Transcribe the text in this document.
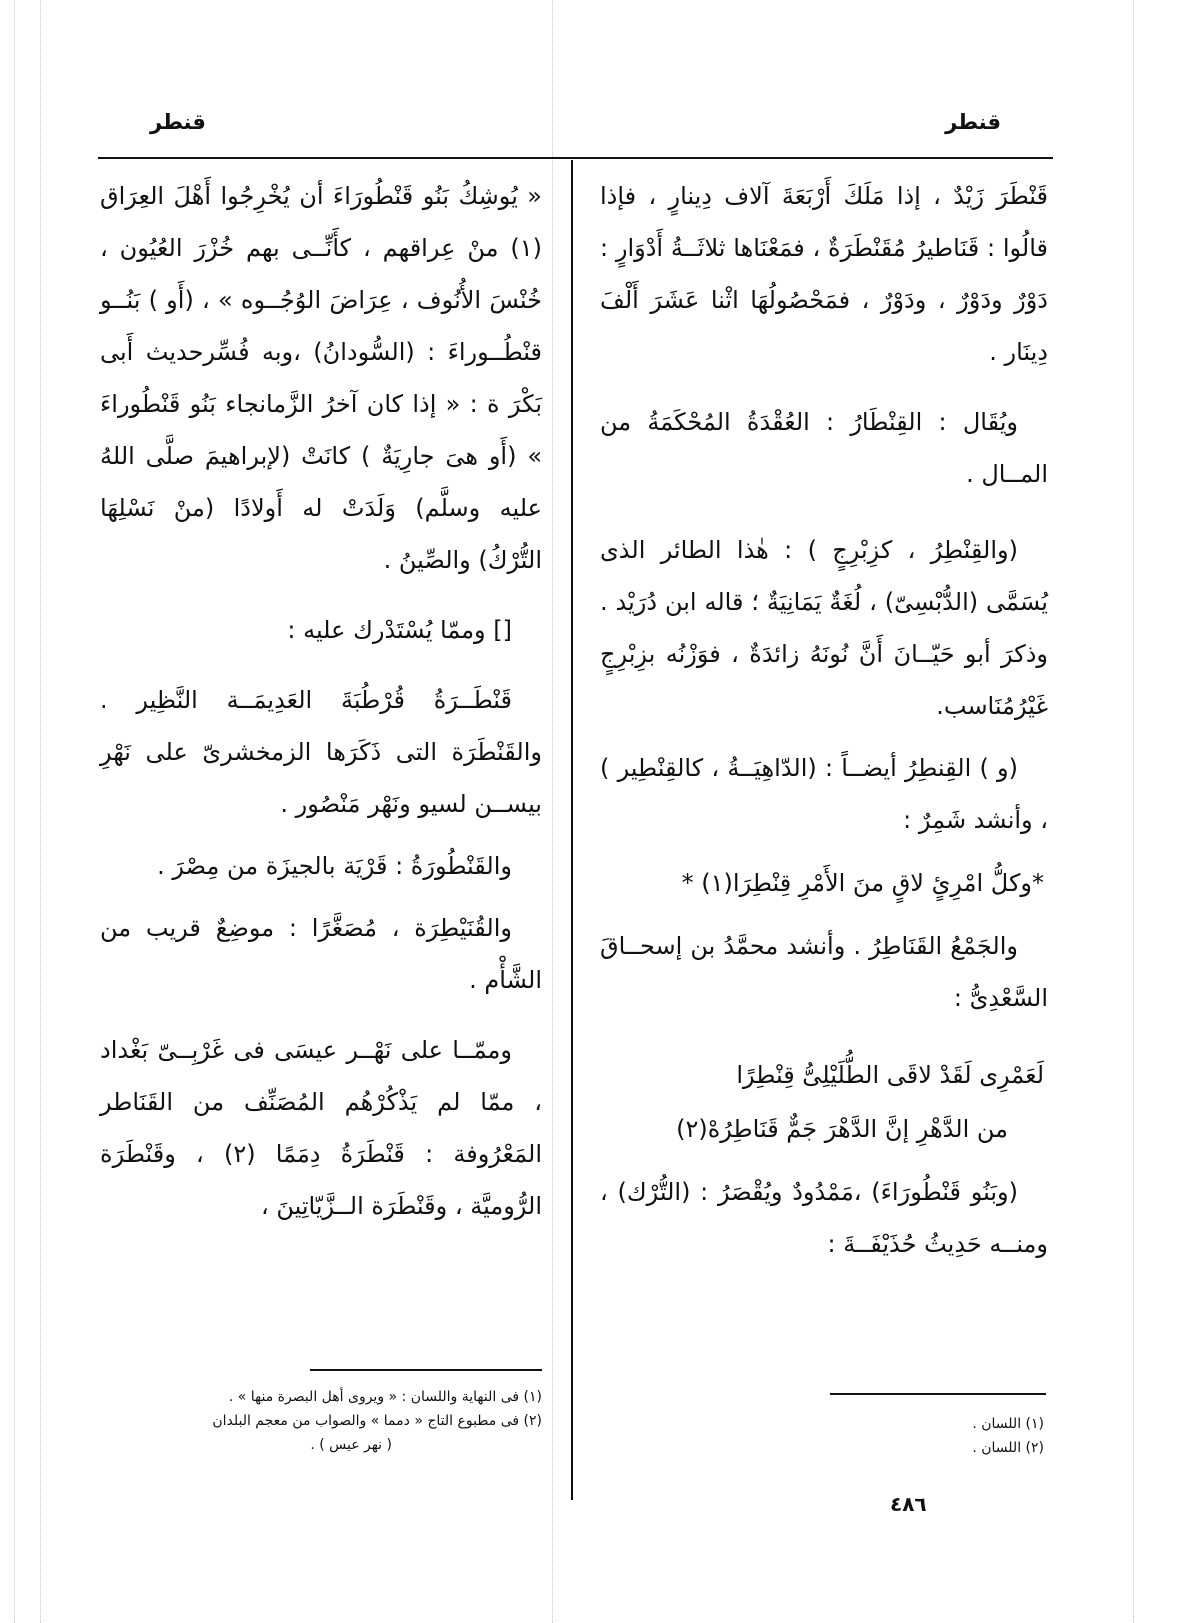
قنطر	قنطر

قَنْطَرَ زَيْدٌ ، إذا مَلَكَ أَرْبَعَةَ آلاف دِينارٍ ، فإذا قالُوا : قَنَاطيرُ مُقَنْطَرَةٌ ، فمَعْنَاها ثلاثَــةُ أَدْوَارٍ : دَوْرٌ ودَوْرٌ ، ودَوْرٌ ، فمَحْصُولُهَا اثْنا عَشَرَ أَلْفَ دِينَار .

ويُقَال : القِنْطَارُ : العُقْدَةُ المُحْكَمَةُ من المــال .

(والقِنْطِرُ ، كزِبْرِجٍ ) : هٰذا الطائر الذى يُسَمَّى (الدُّبْسِىّ) ، لُغَةٌ يَمَانِيَةٌ ؛ قاله ابن دُرَيْد . وذكرَ أبو حَيّــانَ أَنَّ نُونَهُ زائدَةٌ ، فوَزْنُه بزِبْرِجٍ غَيْرُمُنَاسب.

(و ) القِنطِرُ أيضــاً : (الدّاهِيَــةُ ، كالقِنْطِير ) ، وأنشد شَمِرٌ :

*وكلُّ امْرِئٍ لاقٍ منَ الأَمْرِ قِنْطِرَا(١) *

والجَمْعُ القَنَاطِرُ . وأنشد محمَّدُ بن إسحــاقَ السَّعْدِىُّ :

لَعَمْرِى لَقَدْ لاقَى الطُّلَيْلِىُّ قِنْطِرًا

من الدَّهْرِ إنَّ الدَّهْرَ جَمٌّ قَنَاطِرُهْ(٢)

(وبَنُو قَنْطُورَاءَ) ،مَمْدُودٌ ويُقْصَرُ : (التُّرْك) ، ومنــه حَدِيثُ حُذَيْفَــةَ :

« يُوشِكُ بَنُو قَنْطُورَاءَ أن يُخْرِجُوا أَهْلَ العِرَاق (١) منْ عِراقهم ، كأَنِّــى بهم خُزْرَ العُيُون ، خُنْسَ الأُنُوف ، عِرَاضَ الوُجُــوه » ، (أَو ) بَنُــو قنْطُــوراءَ : (السُّودانُ) ،وبه فُسِّرحديث أَبى بَكْرَ ة : « إذا كان آخرُ الزَّمانجاء بَنُو قَنْطُوراءَ » (أَو هىَ جارِيَةٌ ) كانَتْ (لإبراهيمَ صلَّى اللهُ عليه وسلَّم) وَلَدَتْ له أَولادًا (منْ نَسْلِهَا التُّرْكُ) والصِّينُ .

[] وممّا يُسْتَدْرك عليه :

قَنْطَــرَةُ قُرْطُبَةَ العَدِيمَــة النَّظِير . والقَنْطَرَة التى ذَكَرَها الزمخشرىّ على نَهْرِ بيســن لسيو ونَهْر مَنْصُور .

والقَنْطُورَةُ : قَرْيَة بالجيزَة من مِصْرَ .

والقُنَيْطِرَة ، مُصَغَّرًا : موضِعٌ قريب من الشَّأْم .

وممّــا على نَهْــر عيسَى فى غَرْبِــىّ بَغْداد ، ممّا لم يَذْكُرْهُم المُصَنِّف من القَنَاطر المَعْرُوفة : قَنْطَرَةُ دِمَمًا (٢) ، وقَنْطَرَة الرُّوميَّة ، وقَنْطَرَة الــزَّيّاتِينَ ،

(١) اللسان .

(٢) اللسان .

(١) فى النهاية واللسان : « ويروى أهل البصرة منها » .

(٢) فى مطبوع التاج « دمما » والصواب من معجم البلدان

( نهر عيس ) .

٤٨٦
